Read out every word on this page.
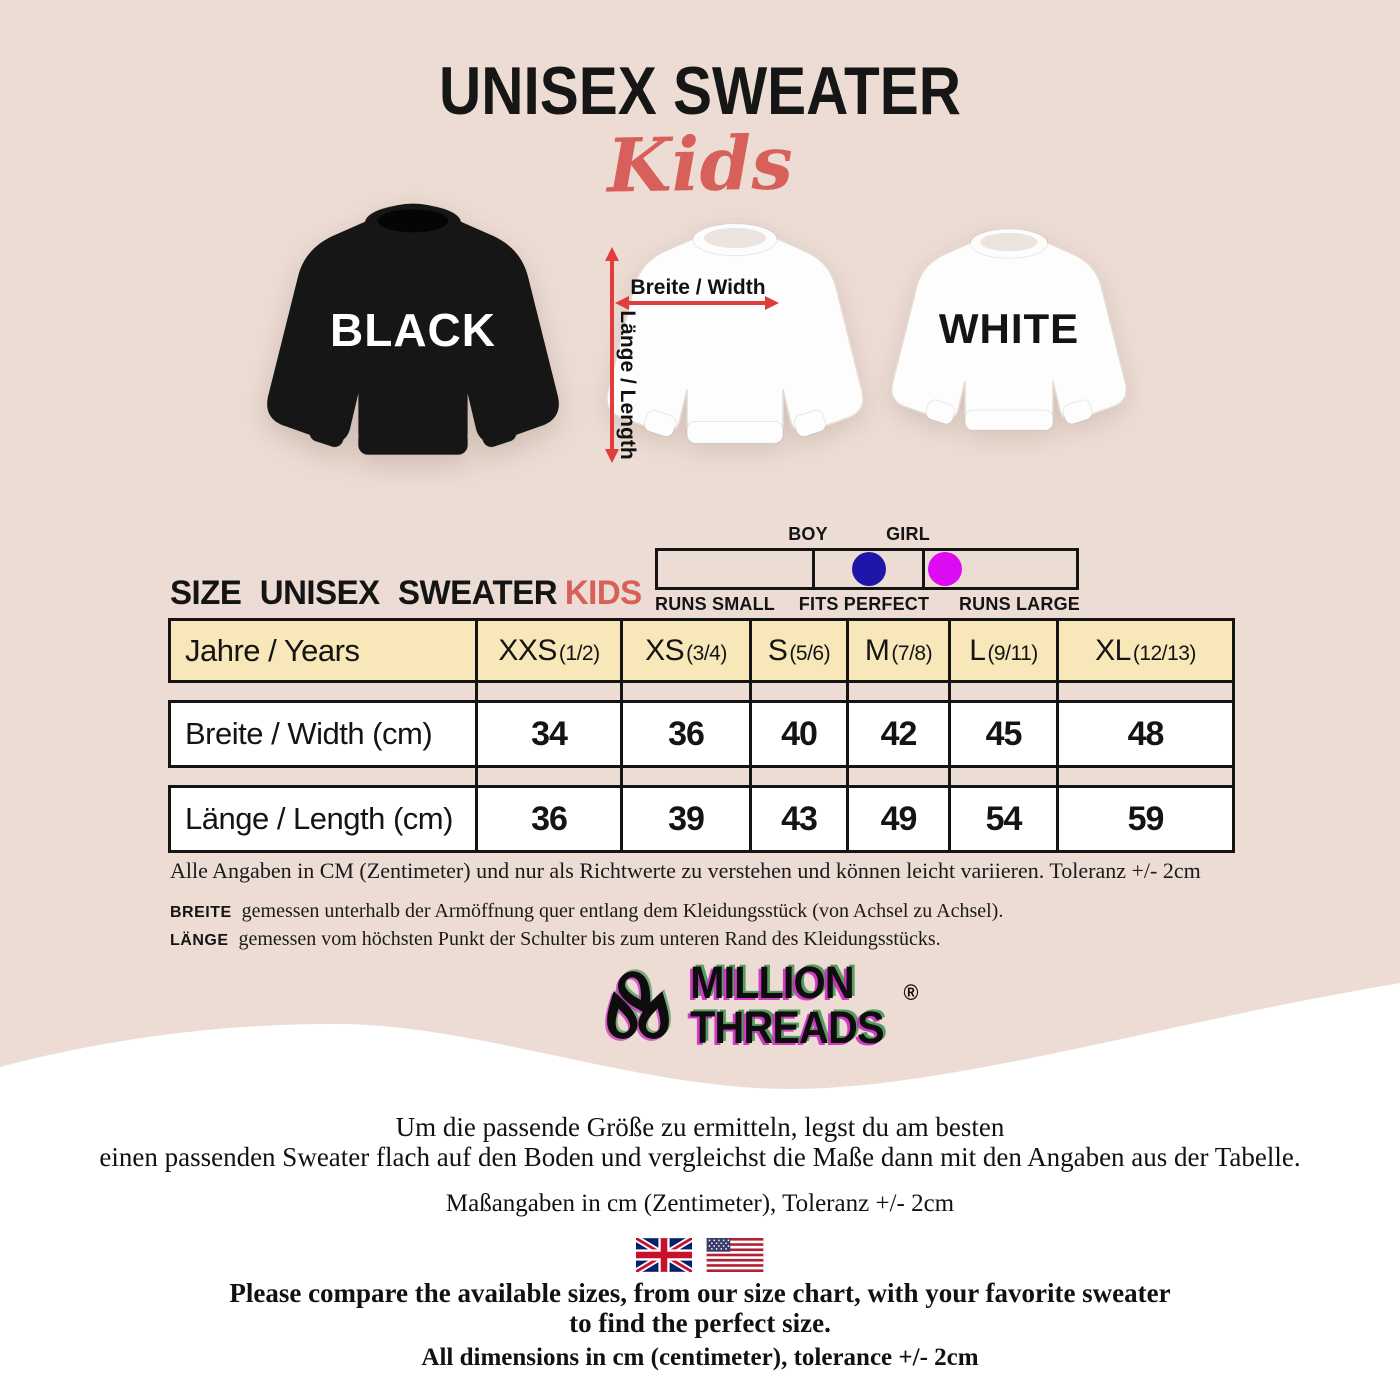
UNISEX SWEATER
Kids
BLACK
Breite / Width
Länge / Length	WHITE
BOY	GIRL
RUNS SMALL	FITS PERFECT	RUNS LARGE
SIZE UNISEX SWEATER KIDS
Jahre / Years	XXS(1/2)	XS(3/4)	S(5/6)	M(7/8)	L(9/11)	XL(12/13)

Breite / Width (cm)	34	36	40	42	45	48

Länge / Length (cm)	36	39	43	49	54	59
Alle Angaben in CM (Zentimeter) und nur als Richtwerte zu verstehen und können leicht variieren. Toleranz +/- 2cm
BREITE gemessen unterhalb der Armöffnung quer entlang dem Kleidungsstück (von Achsel zu Achsel).
LÄNGE gemessen vom höchsten Punkt der Schulter bis zum unteren Rand des Kleidungsstücks.
MILLION
THREADS
®
Um die passende Größe zu ermitteln, legst du am besten
einen passenden Sweater flach auf den Boden und vergleichst die Maße dann mit den Angaben aus der Tabelle.
Maßangaben in cm (Zentimeter), Toleranz +/- 2cm
Please compare the available sizes, from our size chart, with your favorite sweater
to find the perfect size.
All dimensions in cm (centimeter), tolerance +/- 2cm
